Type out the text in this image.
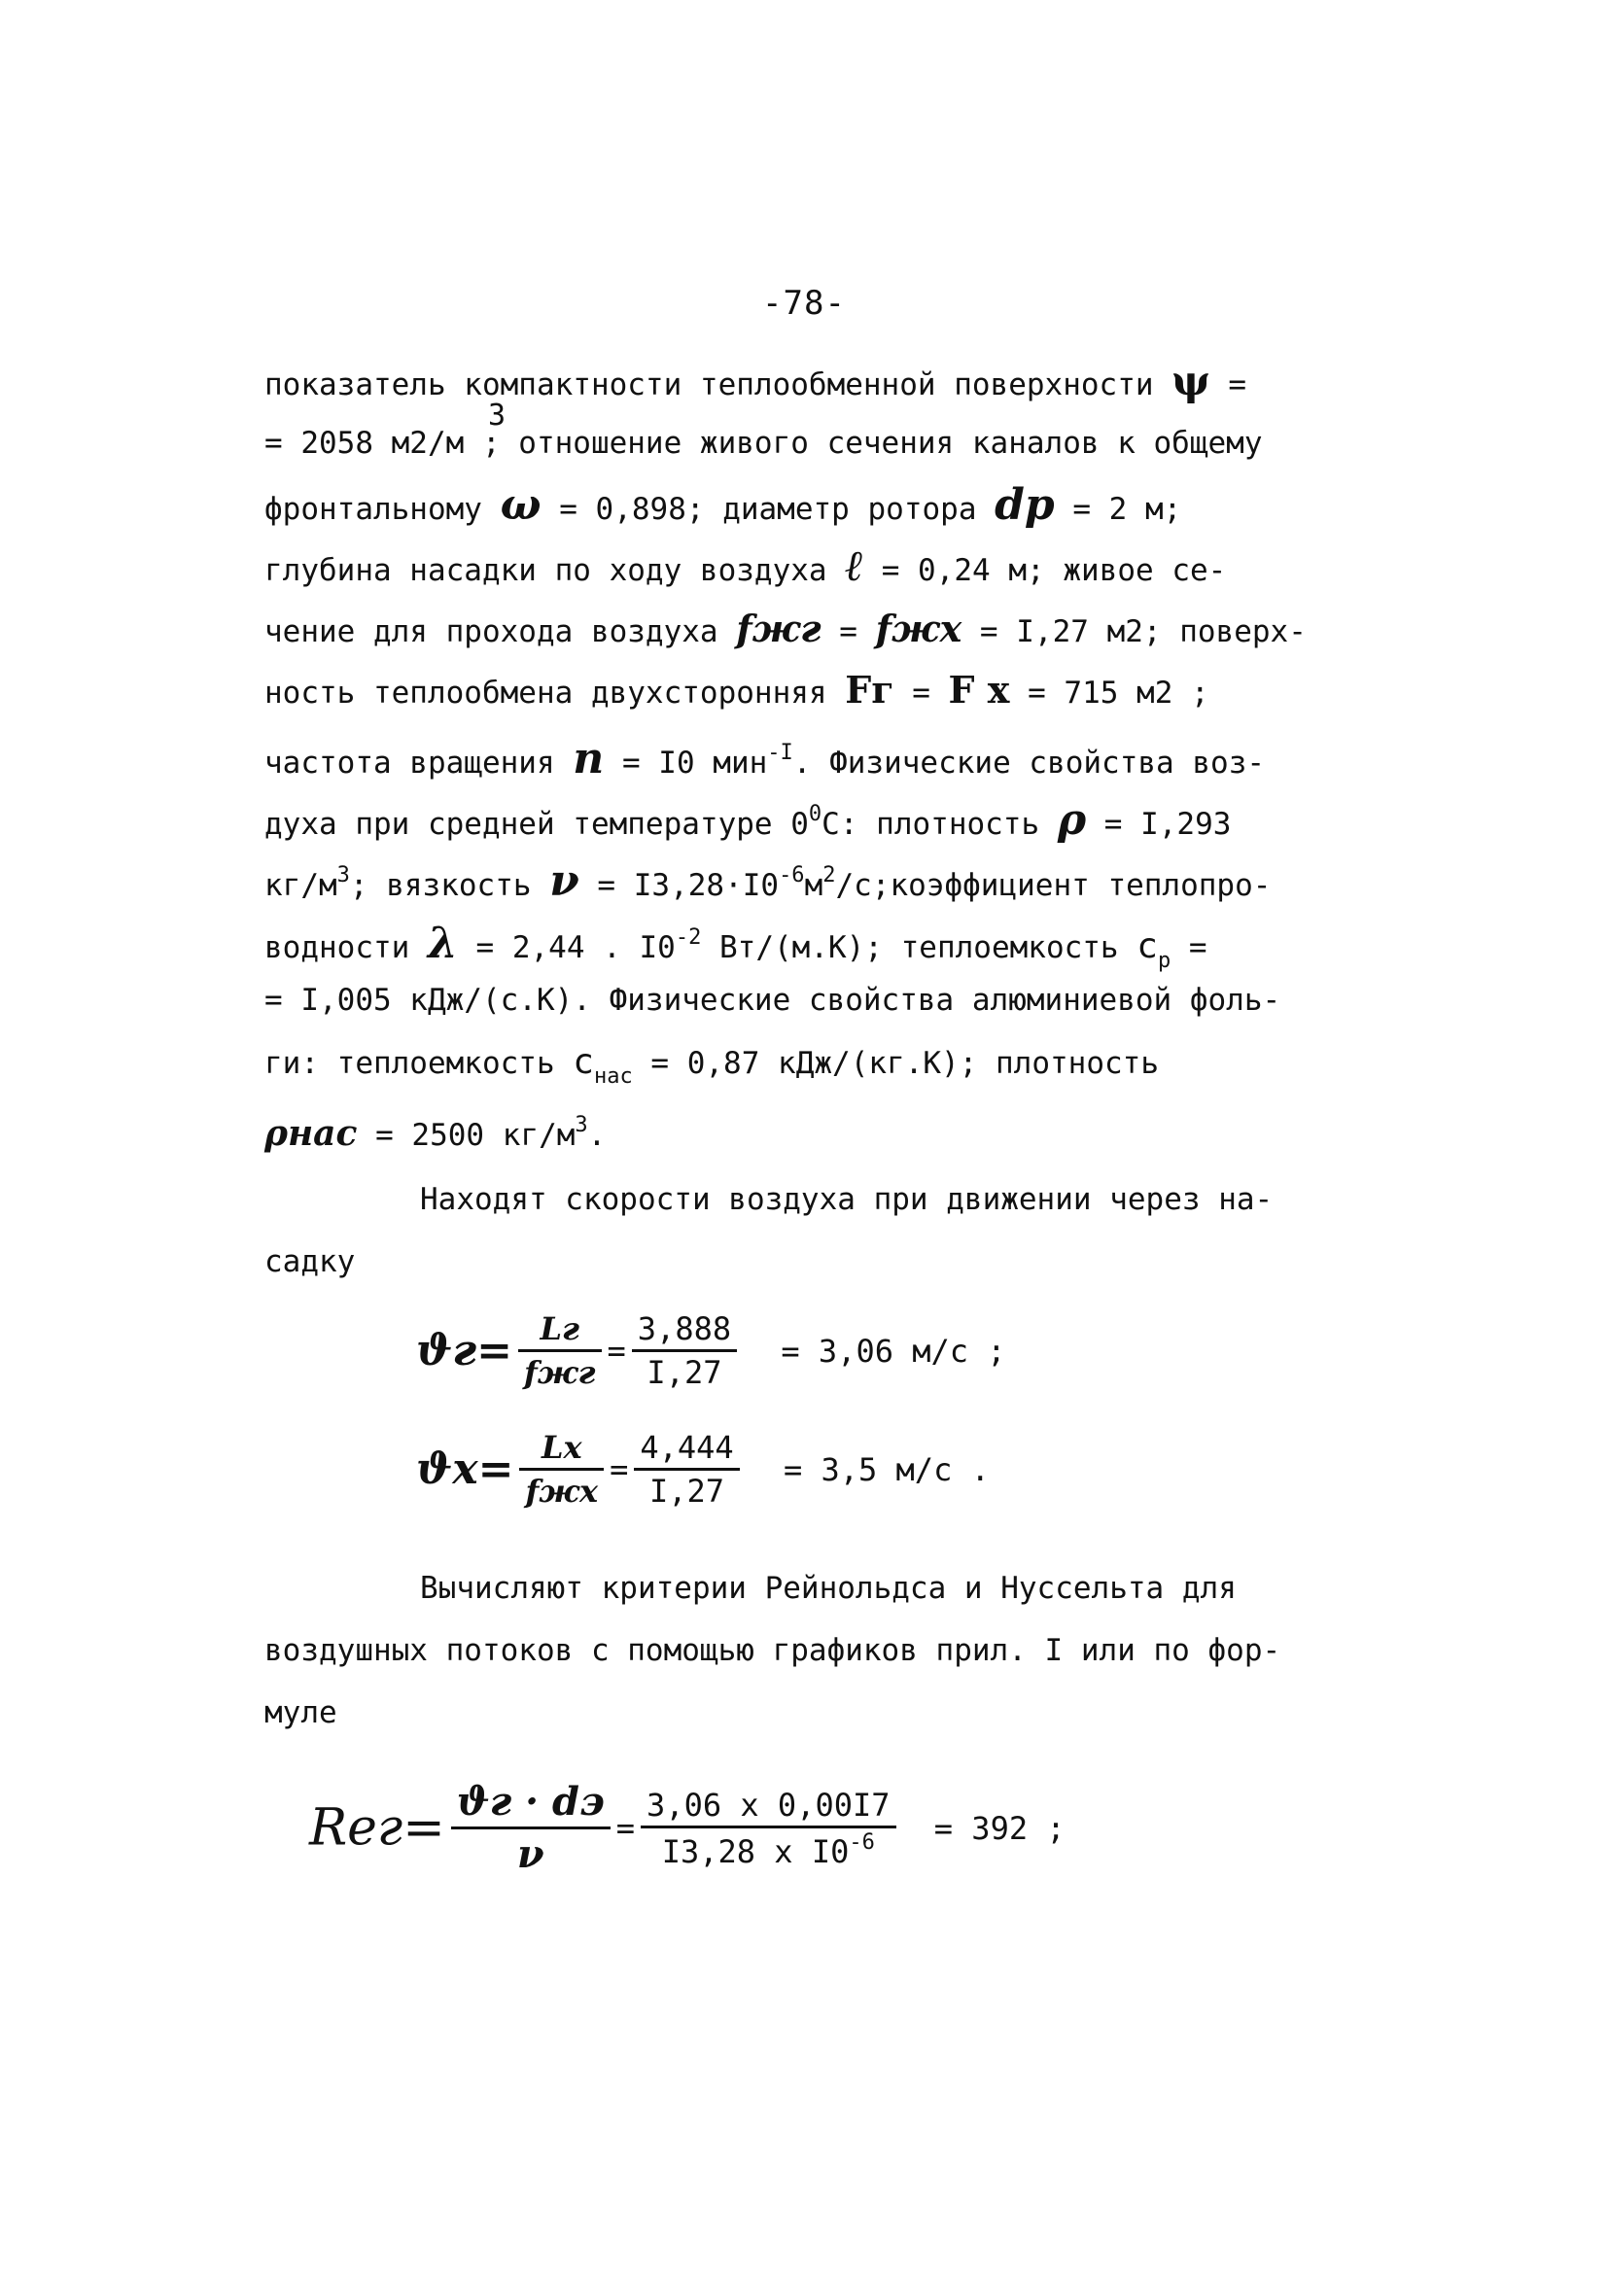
-78-
показатель компактности теплообменной поверхности ψ =
3
= 2058 м2/м ; отношение живого сечения каналов к общему
фронтальному ω = 0,898; диаметр ротора dp = 2 м;
глубина насадки по ходу воздуха ℓ = 0,24 м; живое се-
чение для прохода воздуха fжг = fжх = I,27 м2; поверх-
ность теплообмена двухсторонняя Fг = F х = 715 м2 ;
частота вращения n = I0 мин$^{-I}$. Физические свойства воз-
духа при средней температуре $0^0С$: плотность ρ = I,293
$кг/м^3$; вязкость $\nu = I3,28\cdot I0^{-6}м^2/с;коэффициент$ теплопро-
водности λ = 2,44 . $I0^{-2}$ Вт/(м.К); теплоемкость $c_p$ =
= I,005 кДж/(с.К). Физические свойства алюминиевой фоль-
ги: теплоемкость $c_{нас} = 0,87$ кДж/(кг.К); плотность
ρнас = 2500 $кг/м^3$.
Находят скорости воздуха при движении через на-
садку
$ϑг= \frac{Lг}{\text{fжг}} = \frac{3,888}{I,27} = 3,06$ м/с ;
$ϑх= \frac{Lх}{\text{fжх}} = \frac{4,444}{I,27} = 3,5$ м/с .
Вычисляют критерии Рейнольдса и Нуссельта для
воздушных потоков с помощью графиков прил. I или по фор-
муле
$Reг= \frac{ϑг \cdot dэ}{\nu} = \frac{3,06 x 0,00I7}{I3,28 x I0^{-6}} = 392$ ;
